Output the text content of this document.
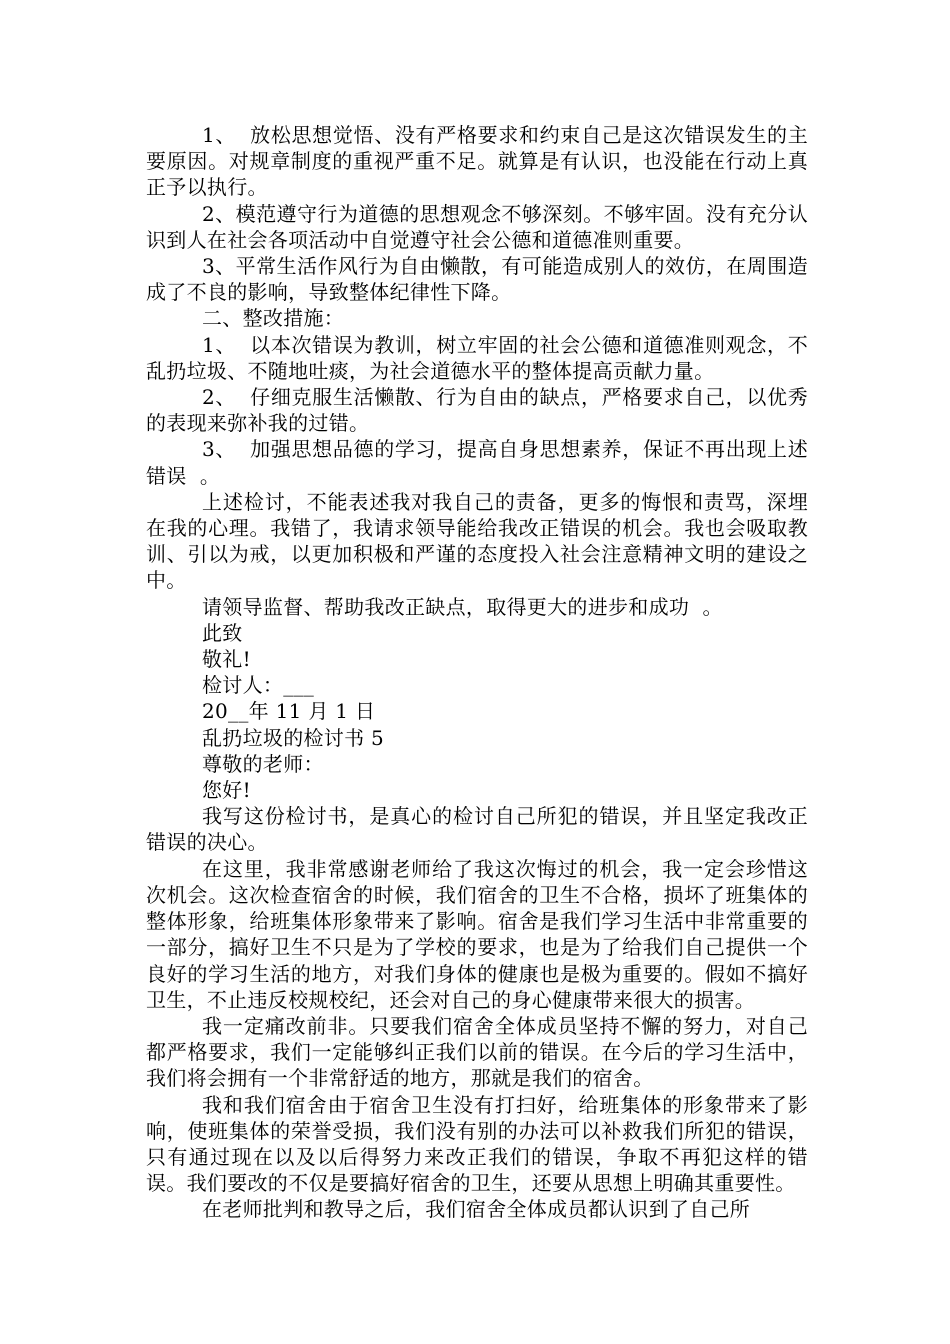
1、  放松思想觉悟、没有严格要求和约束自己是这次错误发生的主要原因。对规章制度的重视严重不足。就算是有认识，也没能在行动上真正予以执行。

2、模范遵守行为道德的思想观念不够深刻。不够牢固。没有充分认识到人在社会各项活动中自觉遵守社会公德和道德准则重要。

3、平常生活作风行为自由懒散，有可能造成别人的效仿，在周围造成了不良的影响，导致整体纪律性下降。

二、整改措施：

1、  以本次错误为教训，树立牢固的社会公德和道德准则观念，不乱扔垃圾、不随地吐痰，为社会道德水平的整体提高贡献力量。

2、  仔细克服生活懒散、行为自由的缺点，严格要求自己，以优秀的表现来弥补我的过错。

3、  加强思想品德的学习，提高自身思想素养，保证不再出现上述错误  。

上述检讨，不能表述我对我自己的责备，更多的悔恨和责骂，深埋在我的心理。我错了，我请求领导能给我改正错误的机会。我也会吸取教训、引以为戒，以更加积极和严谨的态度投入社会注意精神文明的建设之中。

请领导监督、帮助我改正缺点，取得更大的进步和成功  。

此致

敬礼!

检讨人：___

20__年 11 月 1 日

乱扔垃圾的检讨书 5

尊敬的老师：

您好!

我写这份检讨书，是真心的检讨自己所犯的错误，并且坚定我改正错误的决心。

在这里，我非常感谢老师给了我这次悔过的机会，我一定会珍惜这次机会。这次检查宿舍的时候，我们宿舍的卫生不合格，损坏了班集体的整体形象，给班集体形象带来了影响。宿舍是我们学习生活中非常重要的一部分，搞好卫生不只是为了学校的要求，也是为了给我们自己提供一个良好的学习生活的地方，对我们身体的健康也是极为重要的。假如不搞好卫生，不止违反校规校纪，还会对自己的身心健康带来很大的损害。

我一定痛改前非。只要我们宿舍全体成员坚持不懈的努力，对自己都严格要求，我们一定能够纠正我们以前的错误。在今后的学习生活中，我们将会拥有一个非常舒适的地方，那就是我们的宿舍。

我和我们宿舍由于宿舍卫生没有打扫好，给班集体的形象带来了影响，使班集体的荣誉受损，我们没有别的办法可以补救我们所犯的错误，只有通过现在以及以后得努力来改正我们的错误，争取不再犯这样的错误。我们要改的不仅是要搞好宿舍的卫生，还要从思想上明确其重要性。

在老师批判和教导之后，我们宿舍全体成员都认识到了自己所
